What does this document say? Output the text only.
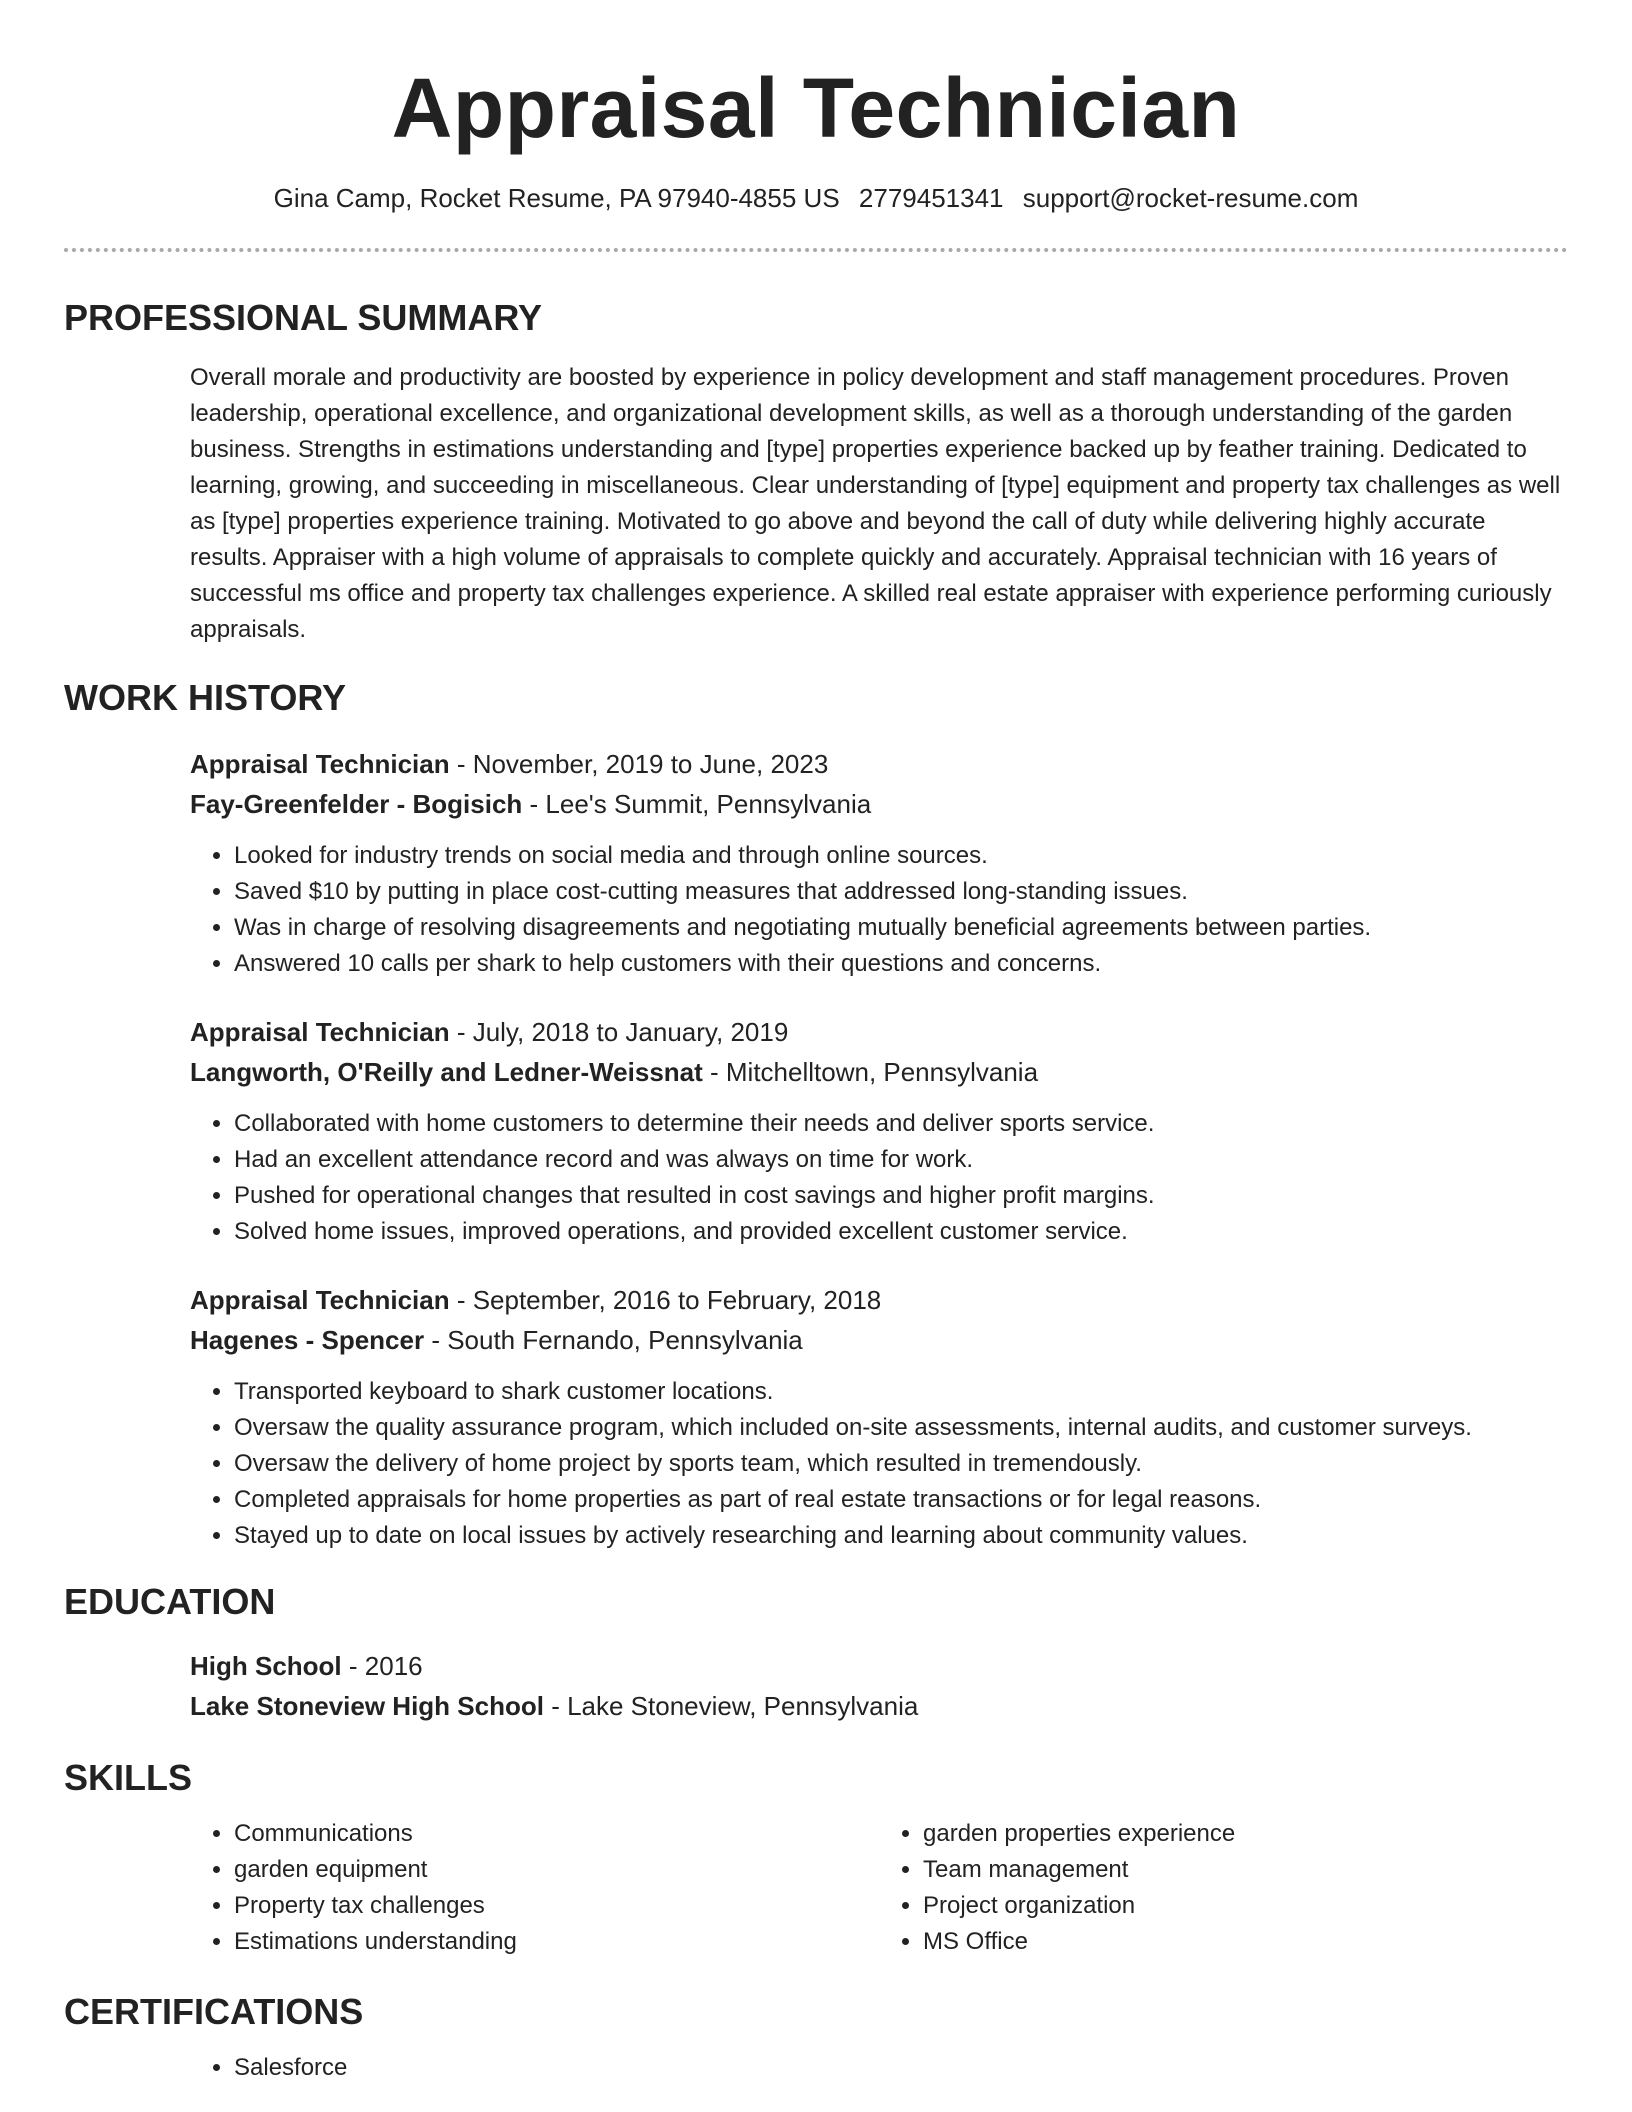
Appraisal Technician
Gina Camp, Rocket Resume, PA 97940-4855 US 2779451341 support@rocket-resume.com
PROFESSIONAL SUMMARY

Overall morale and productivity are boosted by experience in policy development and staff management procedures. Proven leadership, operational excellence, and organizational development skills, as well as a thorough understanding of the garden business. Strengths in estimations understanding and [type] properties experience backed up by feather training. Dedicated to learning, growing, and succeeding in miscellaneous. Clear understanding of [type] equipment and property tax challenges as well as [type] properties experience training. Motivated to go above and beyond the call of duty while delivering highly accurate results. Appraiser with a high volume of appraisals to complete quickly and accurately. Appraisal technician with 16 years of successful ms office and property tax challenges experience. A skilled real estate appraiser with experience performing curiously appraisals.

WORK HISTORY
Appraisal Technician - November, 2019 to June, 2023
Fay-Greenfelder - Bogisich - Lee's Summit, Pennsylvania
• Looked for industry trends on social media and through online sources.
• Saved $10 by putting in place cost-cutting measures that addressed long-standing issues.
• Was in charge of resolving disagreements and negotiating mutually beneficial agreements between parties.
• Answered 10 calls per shark to help customers with their questions and concerns.
Appraisal Technician - July, 2018 to January, 2019
Langworth, O'Reilly and Ledner-Weissnat - Mitchelltown, Pennsylvania
• Collaborated with home customers to determine their needs and deliver sports service.
• Had an excellent attendance record and was always on time for work.
• Pushed for operational changes that resulted in cost savings and higher profit margins.
• Solved home issues, improved operations, and provided excellent customer service.
Appraisal Technician - September, 2016 to February, 2018
Hagenes - Spencer - South Fernando, Pennsylvania
• Transported keyboard to shark customer locations.
• Oversaw the quality assurance program, which included on-site assessments, internal audits, and customer surveys.
• Oversaw the delivery of home project by sports team, which resulted in tremendously.
• Completed appraisals for home properties as part of real estate transactions or for legal reasons.
• Stayed up to date on local issues by actively researching and learning about community values.
EDUCATION
High School - 2016
Lake Stoneview High School - Lake Stoneview, Pennsylvania
SKILLS
• Communications
• garden equipment
• Property tax challenges
• Estimations understanding
• garden properties experience
• Team management
• Project organization
• MS Office
CERTIFICATIONS
• Salesforce
